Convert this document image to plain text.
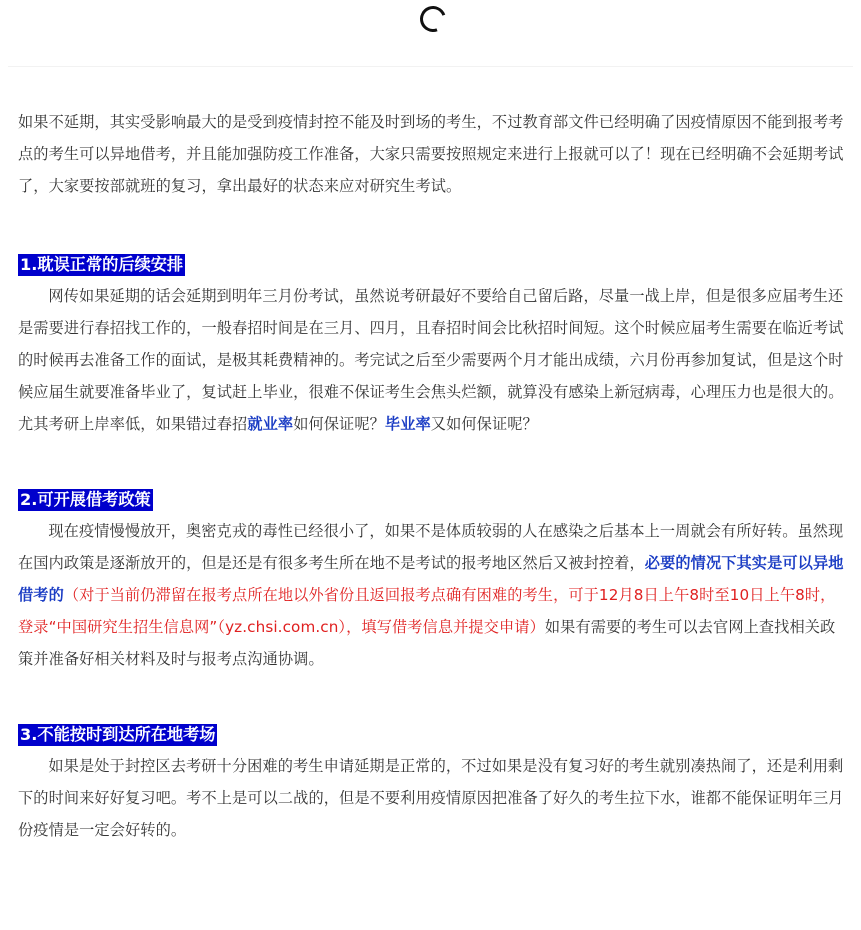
如果不延期，其实受影响最大的是受到疫情封控不能及时到场的考生，不过教育部文件已经明确了因疫情原因不能到报考考点的考生可以异地借考，并且能加强防疫工作准备，大家只需要按照规定来进行上报就可以了！现在已经明确不会延期考试了，大家要按部就班的复习，拿出最好的状态来应对研究生考试。

1.耽误正常的后续安排

网传如果延期的话会延期到明年三月份考试，虽然说考研最好不要给自己留后路，尽量一战上岸，但是很多应届考生还是需要进行春招找工作的，一般春招时间是在三月、四月，且春招时间会比秋招时间短。这个时候应届考生需要在临近考试的时候再去准备工作的面试，是极其耗费精神的。考完试之后至少需要两个月才能出成绩，六月份再参加复试，但是这个时候应届生就要准备毕业了，复试赶上毕业，很难不保证考生会焦头烂额，就算没有感染上新冠病毒，心理压力也是很大的。尤其考研上岸率低，如果错过春招就业率如何保证呢？毕业率又如何保证呢？

2.可开展借考政策

现在疫情慢慢放开，奥密克戎的毒性已经很小了，如果不是体质较弱的人在感染之后基本上一周就会有所好转。虽然现在国内政策是逐渐放开的，但是还是有很多考生所在地不是考试的报考地区然后又被封控着，必要的情况下其实是可以异地借考的（对于当前仍滞留在报考点所在地以外省份且返回报考点确有困难的考生，可于12月8日上午8时至10日上午8时，登录“中国研究生招生信息网”（yz.chsi.com.cn），填写借考信息并提交申请）如果有需要的考生可以去官网上查找相关政策并准备好相关材料及时与报考点沟通协调。

3.不能按时到达所在地考场

如果是处于封控区去考研十分困难的考生申请延期是正常的，不过如果是没有复习好的考生就别凑热闹了，还是利用剩下的时间来好好复习吧。考不上是可以二战的，但是不要利用疫情原因把准备了好久的考生拉下水，谁都不能保证明年三月份疫情是一定会好转的。
